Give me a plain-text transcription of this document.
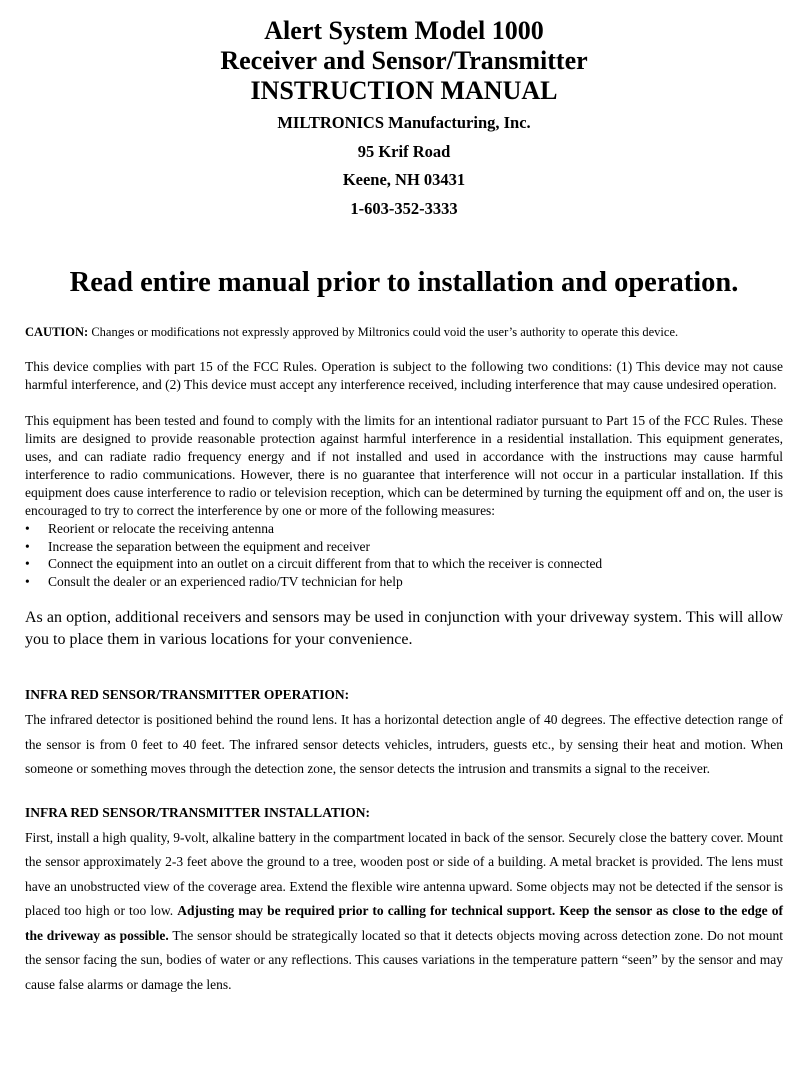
Alert System Model 1000
Receiver and Sensor/Transmitter
INSTRUCTION MANUAL
MILTRONICS Manufacturing, Inc.
95 Krif Road
Keene, NH 03431
1-603-352-3333
Read entire manual prior to installation and operation.
CAUTION: Changes or modifications not expressly approved by Miltronics could void the user’s authority to operate this device.
This device complies with part 15 of the FCC Rules. Operation is subject to the following two conditions: (1) This device may not cause harmful interference, and (2) This device must accept any interference received, including interference that may cause undesired operation.
This equipment has been tested and found to comply with the limits for an intentional radiator pursuant to Part 15 of the FCC Rules. These limits are designed to provide reasonable protection against harmful interference in a residential installation. This equipment generates, uses, and can radiate radio frequency energy and if not installed and used in accordance with the instructions may cause harmful interference to radio communications. However, there is no guarantee that interference will not occur in a particular installation. If this equipment does cause interference to radio or television reception, which can be determined by turning the equipment off and on, the user is encouraged to try to correct the interference by one or more of the following measures:
• Reorient or relocate the receiving antenna
• Increase the separation between the equipment and receiver
• Connect the equipment into an outlet on a circuit different from that to which the receiver is connected
• Consult the dealer or an experienced radio/TV technician for help
As an option, additional receivers and sensors may be used in conjunction with your driveway system. This will allow you to place them in various locations for your convenience.
INFRA RED SENSOR/TRANSMITTER OPERATION:
The infrared detector is positioned behind the round lens. It has a horizontal detection angle of 40 degrees. The effective detection range of the sensor is from 0 feet to 40 feet. The infrared sensor detects vehicles, intruders, guests etc., by sensing their heat and motion. When someone or something moves through the detection zone, the sensor detects the intrusion and transmits a signal to the receiver.
INFRA RED SENSOR/TRANSMITTER INSTALLATION:
First, install a high quality, 9-volt, alkaline battery in the compartment located in back of the sensor. Securely close the battery cover. Mount the sensor approximately 2-3 feet above the ground to a tree, wooden post or side of a building. A metal bracket is provided. The lens must have an unobstructed view of the coverage area. Extend the flexible wire antenna upward. Some objects may not be detected if the sensor is placed too high or too low. Adjusting may be required prior to calling for technical support. Keep the sensor as close to the edge of the driveway as possible. The sensor should be strategically located so that it detects objects moving across detection zone. Do not mount the sensor facing the sun, bodies of water or any reflections. This causes variations in the temperature pattern “seen” by the sensor and may cause false alarms or damage the lens.
